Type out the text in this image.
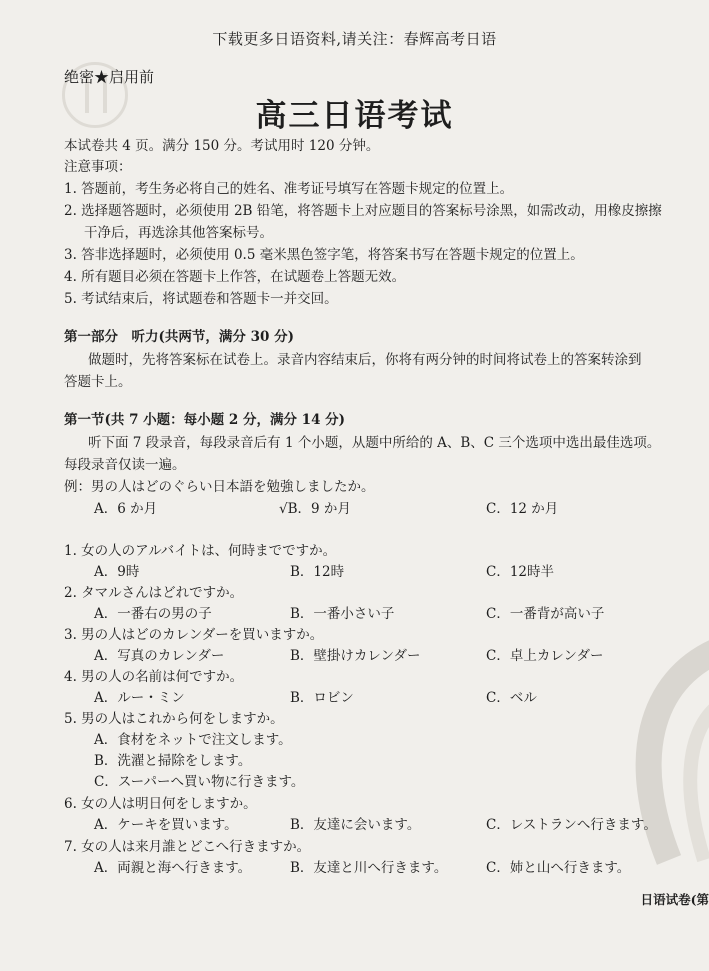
下载更多日语资料,请关注：春辉高考日语
绝密★启用前
高三日语考试
本试卷共 4 页。满分 150 分。考试用时 120 分钟。
注意事项：
1. 答题前，考生务必将自己的姓名、准考证号填写在答题卡规定的位置上。
2. 选择题答题时，必须使用 2B 铅笔，将答题卡上对应题目的答案标号涂黑，如需改动，用橡皮擦擦
干净后，再选涂其他答案标号。
3. 答非选择题时，必须使用 0.5 毫米黑色签字笔，将答案书写在答题卡规定的位置上。
4. 所有题目必须在答题卡上作答，在试题卷上答题无效。
5. 考试结束后，将试题卷和答题卡一并交回。
第一部分　听力(共两节，满分 30 分)
做题时，先将答案标在试卷上。录音内容结束后，你将有两分钟的时间将试卷上的答案转涂到
答题卡上。
第一节(共 7 小题：每小题 2 分，满分 14 分)
听下面 7 段录音，每段录音后有 1 个小题，从题中所给的 A、B、C 三个选项中选出最佳选项。
每段录音仅读一遍。
例：男の人はどのぐらい日本語を勉強しましたか。
A．6 か月	√B．9 か月	C．12 か月
1. 女の人のアルバイトは、何時までですか。
A．9時	B．12時	C．12時半
2. タマルさんはどれですか。
A．一番右の男の子	B．一番小さい子	C．一番背が高い子
3. 男の人はどのカレンダーを買いますか。
A．写真のカレンダー	B．壁掛けカレンダー	C．卓上カレンダー
4. 男の人の名前は何ですか。
A．ルー・ミン	B．ロビン	C．ベル
5. 男の人はこれから何をしますか。
A．食材をネットで注文します。
B．洗濯と掃除をします。
C．スーパーへ買い物に行きます。
6. 女の人は明日何をしますか。
A．ケーキを買います。	B．友達に会います。	C．レストランへ行きます。
7. 女の人は来月誰とどこへ行きますか。
A．両親と海へ行きます。	B．友達と川へ行きます。	C．姉と山へ行きます。
日语试卷(第
